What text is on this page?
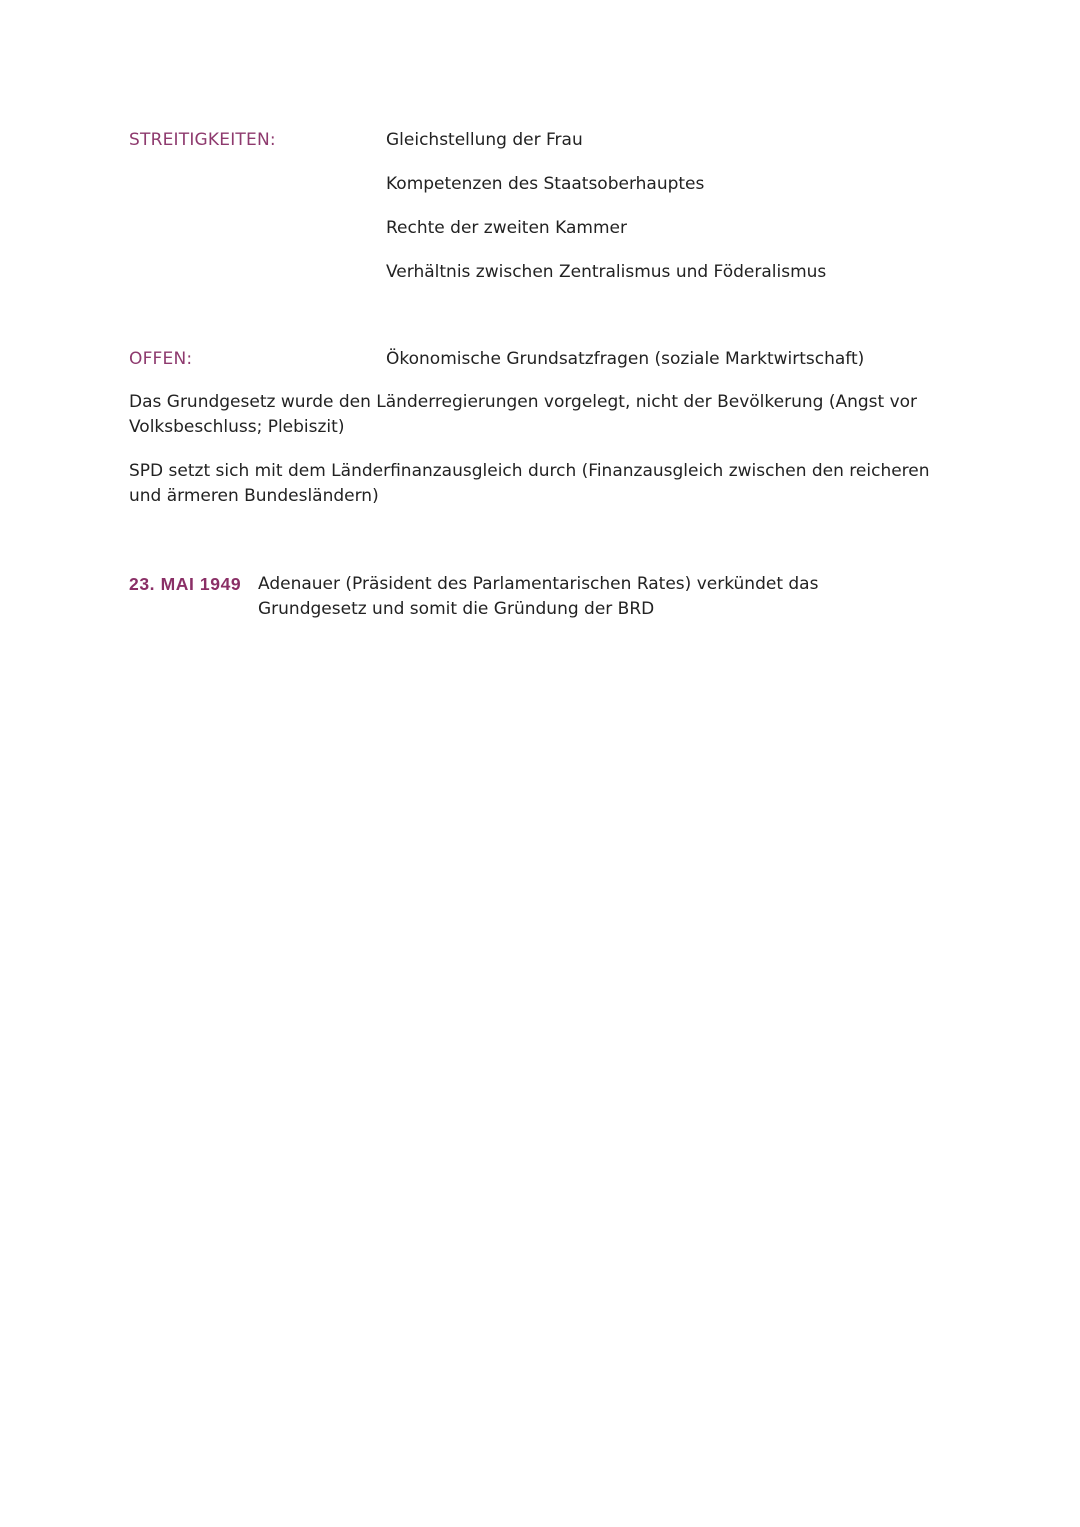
STREITIGKEITEN:	Gleichstellung der Frau
Kompetenzen des Staatsoberhauptes
Rechte der zweiten Kammer
Verhältnis zwischen Zentralismus und Föderalismus
OFFEN:	Ökonomische Grundsatzfragen (soziale Marktwirtschaft)
Das Grundgesetz wurde den Länderregierungen vorgelegt, nicht der Bevölkerung (Angst vor Volksbeschluss; Plebiszit)
SPD setzt sich mit dem Länderfinanzausgleich durch (Finanzausgleich zwischen den reicheren und ärmeren Bundesländern)
23. MAI 1949 Adenauer (Präsident des Parlamentarischen Rates) verkündet das Grundgesetz und somit die Gründung der BRD
